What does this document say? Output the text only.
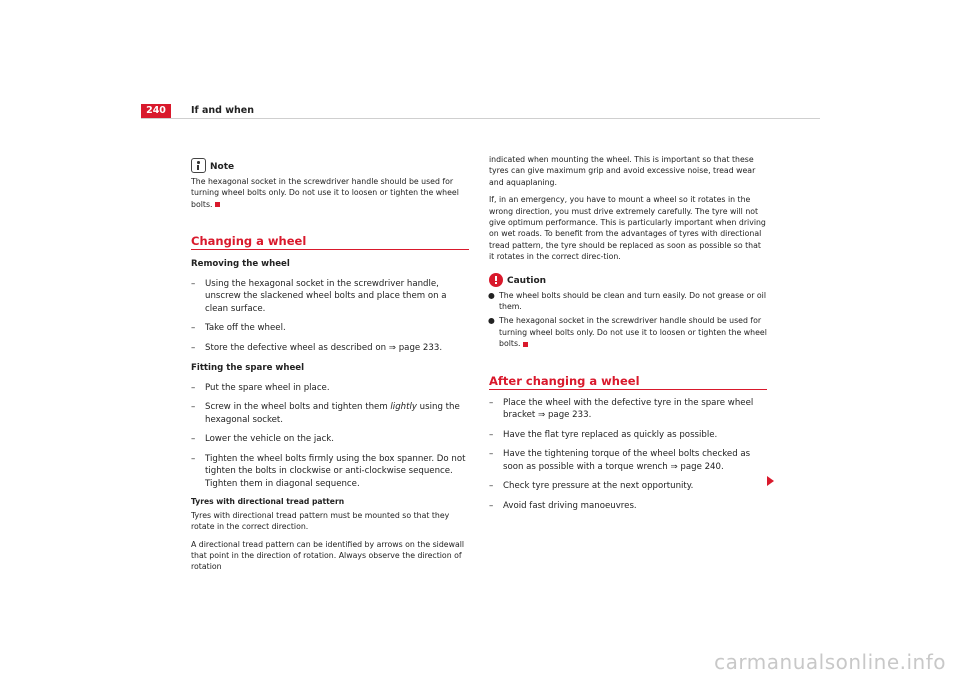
240	If and when
Note

The hexagonal socket in the screwdriver handle should be used for turning wheel bolts only. Do not use it to loosen or tighten the wheel bolts.

Changing a wheel
Removing the wheel
– Using the hexagonal socket in the screwdriver handle, unscrew the slackened wheel bolts and place them on a clean surface.
– Take off the wheel.
– Store the defective wheel as described on ⇒ page 233.
Fitting the spare wheel
– Put the spare wheel in place.
– Screw in the wheel bolts and tighten them lightly using the hexagonal socket.
– Lower the vehicle on the jack.
– Tighten the wheel bolts firmly using the box spanner. Do not tighten the bolts in clockwise or anti-clockwise sequence. Tighten them in diagonal sequence.
Tyres with directional tread pattern

Tyres with directional tread pattern must be mounted so that they rotate in the correct direction.

A directional tread pattern can be identified by arrows on the sidewall that point in the direction of rotation. Always observe the direction of rotation

indicated when mounting the wheel. This is important so that these tyres can give maximum grip and avoid excessive noise, tread wear and aquaplaning.

If, in an emergency, you have to mount a wheel so it rotates in the wrong direction, you must drive extremely carefully. The tyre will not give optimum performance. This is particularly important when driving on wet roads. To benefit from the advantages of tyres with directional tread pattern, the tyre should be replaced as soon as possible so that it rotates in the correct direc-tion.

Caution
● The wheel bolts should be clean and turn easily. Do not grease or oil them.
● The hexagonal socket in the screwdriver handle should be used for turning wheel bolts only. Do not use it to loosen or tighten the wheel bolts.
After changing a wheel
– Place the wheel with the defective tyre in the spare wheel bracket ⇒ page 233.
– Have the flat tyre replaced as quickly as possible.
– Have the tightening torque of the wheel bolts checked as soon as possible with a torque wrench ⇒ page 240.
– Check tyre pressure at the next opportunity.
– Avoid fast driving manoeuvres.
carmanualsonline.info
